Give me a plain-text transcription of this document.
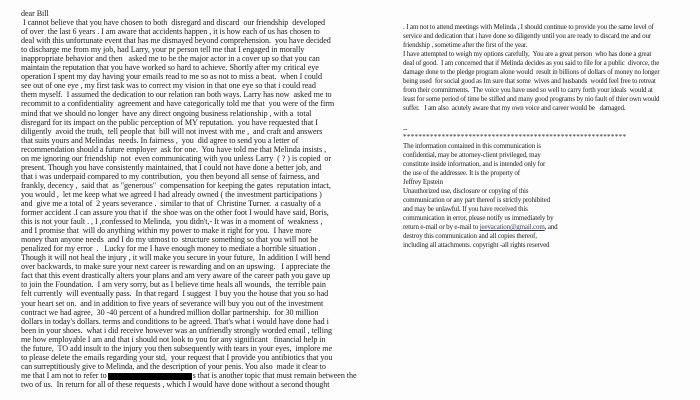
dear Bill
I cannot believe that you have chosen to both  disregard and discard  our friendship  developed
of over  the last 6 years . I am aware that accidents happen , it is how each of us has chosen to
deal with this unfortunate event that has me dismayed beyond comprehension.  you have decided
to discharge me from my job, had Larry, your pr person tell me that I engaged in morally
inappropriate behavior and then   asked me to be the major actor in a cover up so that you can
maintain the reputation that you have worked so hard to achieve. Shortly after my critical eye
operation I spent my day having your emails read to me so as not to miss a beat.  when I could
see out of one eye , my first task was to correct my vision in that one eye so that i could read
them myself.  I assumed the dedication to our relation ran both ways. Larry has now  asked me to
recommit to a confidentiality  agreement and have categorically told me that  you were of the firm
mind that we should no longer  have any direct ongoing business relationship , with a  total
disregard for its impact on the public perception of MY reputation.  you have requested that I
diligently  avoid the truth,  tell people that  bill will not invest with me ,  and craft and answers
that suits yours and Melindas  needs. In fairness ,  you  did agree to send you a letter of
recommendation should a future employer  ask for one.  You have told me that Melinda insists ,
on me ignoring our friendship  not  even communicating with you unless Larry  ( ? ) is copied  or
present. Though you have consistently maintained, that I could not have done a better job, and
that i was underpaid compared to my contribution,  you then beyond all sense of fairness, and
frankly, decency ,  said that  as "generous"  compensation for keeping the gates  reputation intact,
you would ,  let me keep what we agreed I had already owned ( the investment participations )
and  give me a total of  2 years severance .  similar to that of  Christine Turner.  a casualty of a
former accident .I can assure you that if  the shoe was on the other foot I would have said, Boris,
this is not your fault . , I ,confessed to Melinda,  you didn't,- It was in a moment of  weakness ,
and I promise that  will do anything within my power to make it right for you.  I have more
money than anyone needs  and I do my utmost to  structure something so that you will not be
penalized for my error  .   Lucky for me I have enough money to mediate a horrible situation .
Though it will not heal the injury , it will make you secure in your future,  In addition I will bend
over backwards, to make sure your next career is rewarding and on an upswing.   I appreciate the
fact that this event drastically alters your plans and am very aware of the career path you gave up
to join the Foundation.  I am very sorry, but as I believe time heals all wounds,  the terrible pain
felt currently  will eventually pass.  In that regard  I suggest  I buy you the house that you so had
your heart set on.  and in addition to five years of severance will buy you out of the investment
contract we had agree,  30 -40 percent of a hundred million dollar partnership.  for 30 million
dollars in today's dollars. terms and conditions to be agreed. That's what i would have done had i
been in your shoes.  what i did receive however was an unfriendly strongly worded email , telling
me how employable I am and that i should not look to you for any significant   financial help in
the future,  TO add insult to the injury you then subsequently with tears in your eyes,  implore me
to please delete the emails regarding your std,  your request that I provide you antibiotics that you
can surreptitiously give to Melinda, and the description of your penis. You also  made it clear to
me that I am not to refer to	s that is another topic that must remain between the
two of us.  In return for all of these requests , which I would have done without a second thought
. I am not to attend meetings with Melinda , I should continue to provide you the same level of
service and dedication that i have done so diligently until you are ready to discard me and our
friendship , sometime after the first of the year.
I have attempted to weigh my options carefully,  You are a great person  who has done a great
deal of good.  I am concerned that if Melinda decides as you said to file for a public  divorce, the
damage done to the pledge program alone would  result in billions of dollars of money no longer
being used  for social good as Im sure that some  wives and husbands  would feel free to retreat
from their commitments.  The voice you have used so well to carry forth your ideals  would at
least for some period of time be stifled and many good programs by nio fault of thier own would
suffer.   I am also  acutely aware that my own voice and career would be   damaged.
--
**********************************************************
The information contained in this communication is
confidential, may be attorney-client privileged, may
constitute inside information, and is intended only for
the use of the addressee. It is the property of
Jeffrey Epstein
Unauthorized use, disclosure or copying of this
communication or any part thereof is strictly prohibited
and may be unlawful. If you have received this
communication in error, please notify us immediately by
return e-mail or by e-mail to jeevacation@gmail.com, and
destroy this communication and all copies thereof,
including all attachments. copyright -all rights reserved
